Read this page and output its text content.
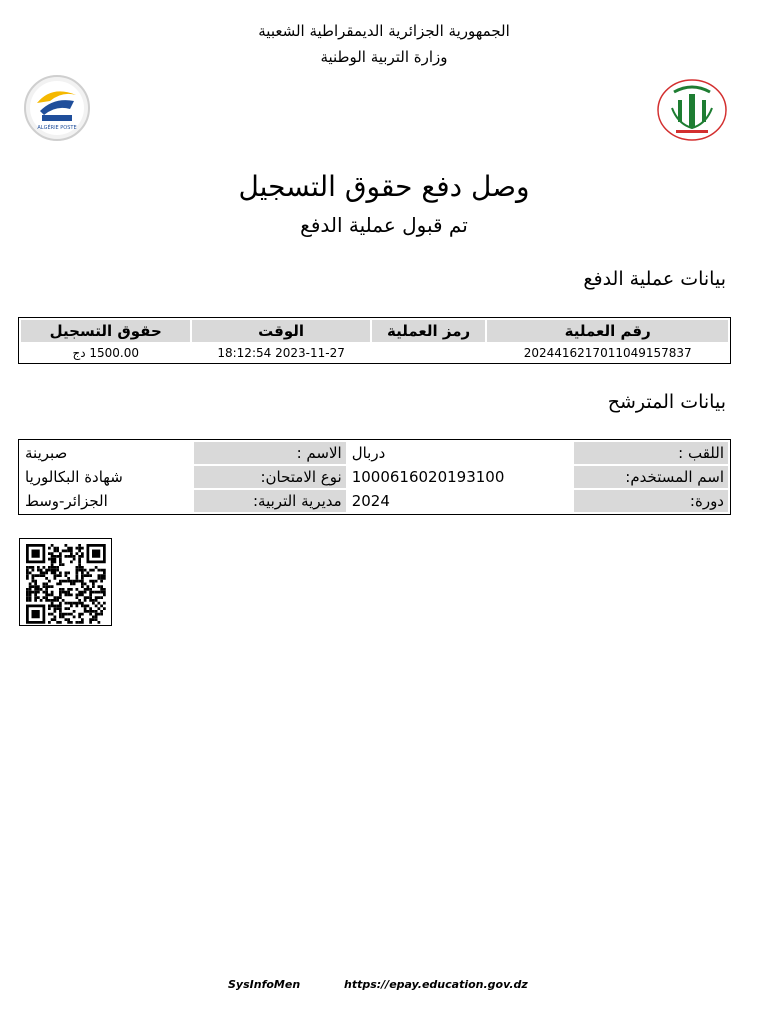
الجمهورية الجزائرية الديمقراطية الشعبية
وزارة التربية الوطنية
ALGÉRIE POSTE
وصل دفع حقوق التسجيل
تم قبول عملية الدفع
بيانات عملية الدفع
رقم العملية	رمز العملية	الوقت	حقوق التسجيل
2024416217011049157837		2023-11-27 18:12:54	1500.00 دج
بيانات المترشح
اللقب :	دربال	الاسم :	صبرينة
اسم المستخدم:	1000616020193100	نوع الامتحان:	شهادة البكالوريا
دورة:	2024	مديرية التربية:	الجزائر-وسط
SysInfoMen	https://epay.education.gov.dz
